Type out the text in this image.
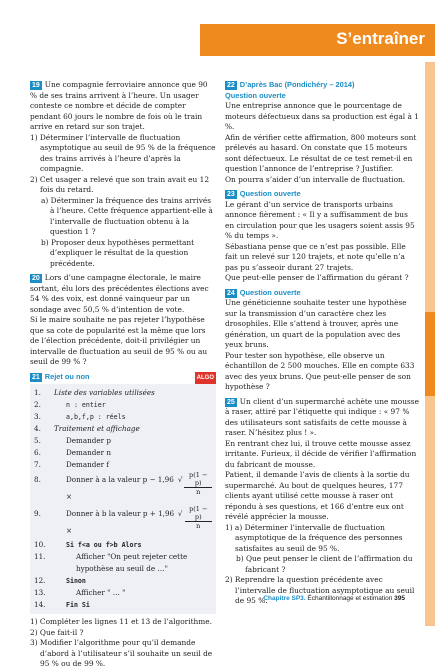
S’entraîner

19 Une compagnie ferroviaire annonce que 90 % de ses trains arrivent à l’heure. Un usager conteste ce nombre et décide de compter pendant 60 jours le nombre de fois où le train arrive en retard sur son trajet.

1) Déterminer l’intervalle de fluctuation asymptotique au seuil de 95 % de la fréquence des trains arrivés à l’heure d’après la compagnie.
2) Cet usager a relevé que son train avait eu 12 fois du retard.
a) Déterminer la fréquence des trains arrivés à l’heure. Cette fréquence appartient-elle à l’intervalle de fluctuation obtenu à la question 1 ?
b) Proposer deux hypothèses permettant d’expliquer le résultat de la question précédente.

20 Lors d’une campagne électorale, le maire sortant, élu lors des précédentes élections avec 54 % des voix, est donné vainqueur par un sondage avec 50,5 % d’intention de vote.

Si le maire souhaite ne pas rejeter l’hypothèse que sa cote de popularité est la même que lors de l’élection précédente, doit-il privilégier un intervalle de fluctuation au seuil de 95 % ou au seuil de 99 % ?

21 Rejet ou non	ALGO
1.	Liste des variables utilisées
2.	n : entier
3.	a,b,f,p : réels
4.	Traitement et affichage
5.	Demander p
6.	Demander n
7.	Demander f
8.	Donner à a la valeur p − 1,96 ×
√ $\frac{p(1 - p)}{n}$
9.	Donner à b la valeur p + 1,96 ×
√ $\frac{p(1 - p)}{n}$
10.	Si f<a ou f>b Alors
11.	Afficher "On peut rejeter cette hypothèse au seuil de …"
12.	Sinon
13.	Afficher " … "
14.	Fin Si
1) Compléter les lignes 11 et 13 de l’algorithme.
2) Que fait-il ?
3) Modifier l’algorithme pour qu’il demande d’abord à l’utilisateur s’il souhaite un seuil de 95 % ou de 99 %.
22 D’après Bac (Pondichéry – 2014)
Question ouverte

Une entreprise annonce que le pourcentage de moteurs défectueux dans sa production est égal à 1 %.

Afin de vérifier cette affirmation, 800 moteurs sont prélevés au hasard. On constate que 15 moteurs sont défectueux. Le résultat de ce test remet-il en question l’annonce de l’entreprise ? Justifier.

On pourra s’aider d’un intervalle de fluctuation.

23 Question ouverte

Le gérant d’un service de transports urbains annonce fièrement : « Il y a suffisamment de bus en circulation pour que les usagers soient assis 95 % du temps ».

Sébastiana pense que ce n’est pas possible. Elle fait un relevé sur 120 trajets, et note qu’elle n’a pas pu s’asseoir durant 27 trajets.

Que peut-elle penser de l’affirmation du gérant ?

24 Question ouverte

Une généticienne souhaite tester une hypothèse sur la transmission d’un caractère chez les drosophiles. Elle s’attend à trouver, après une génération, un quart de la population avec des yeux bruns.

Pour tester son hypothèse, elle observe un échantillon de 2 500 mouches. Elle en compte 633 avec des yeux bruns. Que peut-elle penser de son hypothèse ?

25 Un client d’un supermarché achète une mousse à raser, attiré par l’étiquette qui indique : « 97 % des utilisateurs sont satisfaits de cette mousse à raser. N’hésitez plus ! ».

En rentrant chez lui, il trouve cette mousse assez irritante. Furieux, il décide de vérifier l’affirmation du fabricant de mousse.

Patient, il demande l’avis de clients à la sortie du supermarché. Au bout de quelques heures, 177 clients ayant utilisé cette mousse à raser ont répondu à ses questions, et 166 d’entre eux ont révélé apprécier la mousse.

1) a) Déterminer l’intervalle de fluctuation asymptotique de la fréquence des personnes satisfaites au seuil de 95 %.
b) Que peut penser le client de l’affirmation du fabricant ?
2) Reprendre la question précédente avec l’intervalle de fluctuation asymptotique au seuil de 95 %.
Chapitre SP3. Échantillonnage et estimation 395
